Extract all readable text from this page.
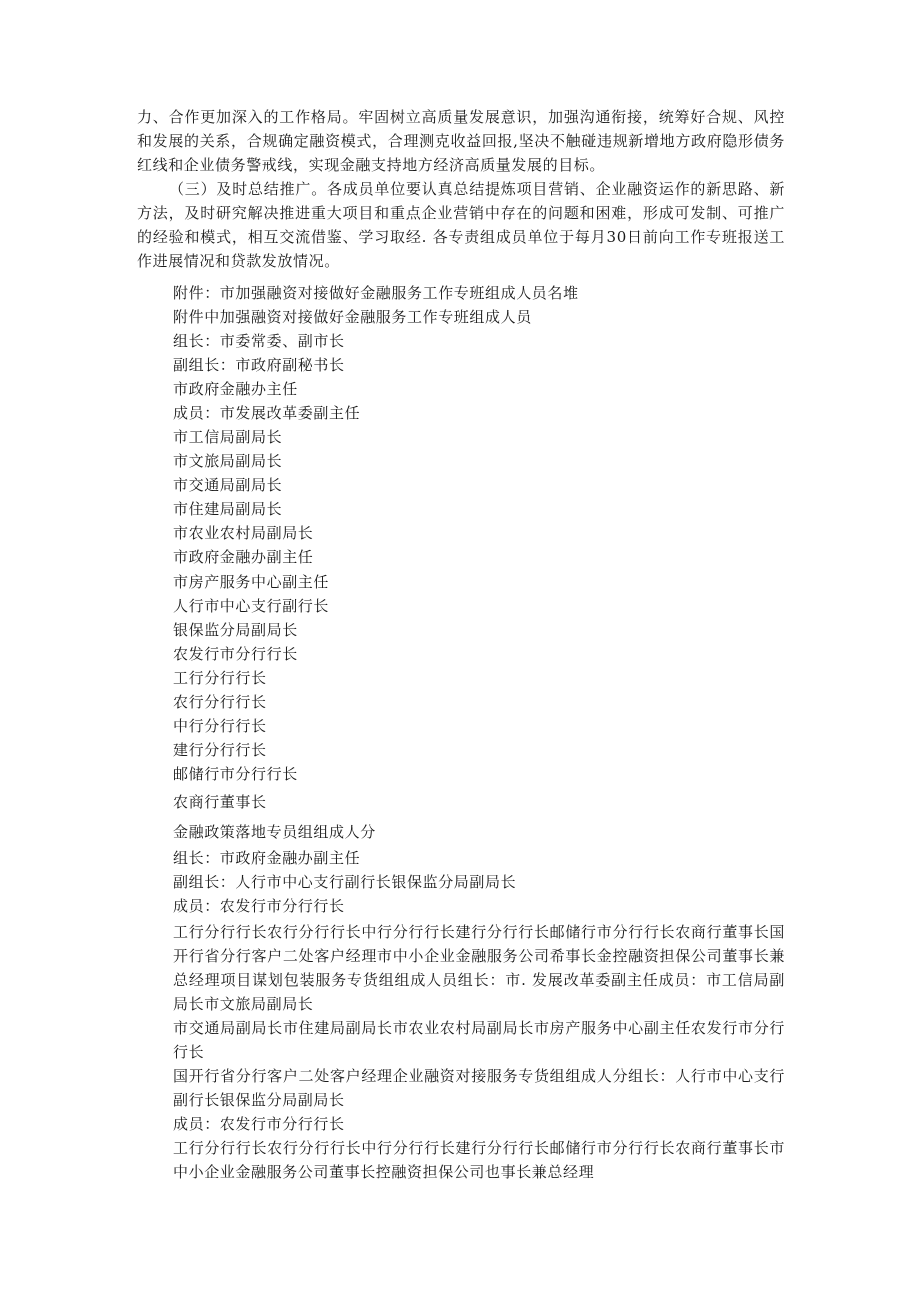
力、合作更加深入的工作格局。牢固树立高质量发展意识，加强沟通衔接，统筹好合规、风控和发展的关系，合规确定融资模式，合理测克收益回报,坚决不触碰违规新增地方政府隐形债务红线和企业债务警戒线，实现金融支持地方经济高质量发展的目标。

（三）及时总结推广。各成员单位要认真总结提炼项目营销、企业融资运作的新思路、新方法，及时研究解决推进重大项目和重点企业营销中存在的问题和困难，形成可发制、可推广的经验和模式，相互交流借鉴、学习取经. 各专责组成员单位于每月30日前向工作专班报送工作进展情况和贷款发放情况。

附件：市加强融资对接做好金融服务工作专班组成人员名堆

附件中加强融资对接做好金融服务工作专班组成人员

组长：市委常委、副市长

副组长：市政府副秘书长

市政府金融办主任

成员：市发展改革委副主任

市工信局副局长

市文旅局副局长

市交通局副局长

市住建局副局长

市农业农村局副局长

市政府金融办副主任

市房产服务中心副主任

人行市中心支行副行长

银保监分局副局长

农发行市分行行长

工行分行行长

农行分行行长

中行分行行长

建行分行行长

邮储行市分行行长

农商行董事长

金融政策落地专员组组成人分

组长：市政府金融办副主任

副组长：人行市中心支行副行长银保监分局副局长

成员：农发行市分行行长

工行分行行长农行分行行长中行分行行长建行分行行长邮储行市分行行长农商行董事长国开行省分行客户二处客户经理市中小企业金融服务公司希事长金控融资担保公司董事长兼总经理项目谋划包装服务专货组组成人员组长：市. 发展改革委副主任成员：市工信局副局长市文旅局副局长

市交通局副局长市住建局副局长市农业农村局副局长市房产服务中心副主任农发行市分行行长

国开行省分行客户二处客户经理企业融资对接服务专货组组成人分组长：人行市中心支行副行长银保监分局副局长

成员：农发行市分行行长

工行分行行长农行分行行长中行分行行长建行分行行长邮储行市分行行长农商行董事长市中小企业金融服务公司董事长控融资担保公司也事长兼总经理
